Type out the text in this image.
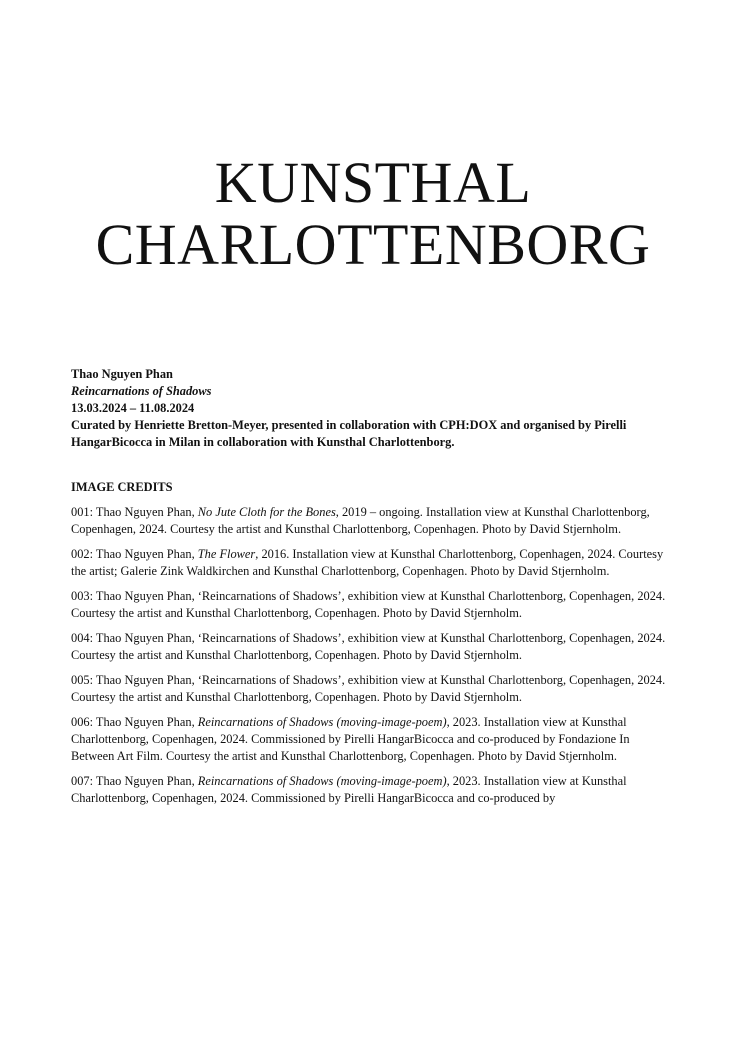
KUNSTHAL
CHARLOTTENBORG
Thao Nguyen Phan
Reincarnations of Shadows
13.03.2024 – 11.08.2024
Curated by Henriette Bretton-Meyer, presented in collaboration with CPH:DOX and organised by Pirelli HangarBicocca in Milan in collaboration with Kunsthal Charlottenborg.
IMAGE CREDITS

001: Thao Nguyen Phan, No Jute Cloth for the Bones, 2019 – ongoing. Installation view at Kunsthal Charlottenborg, Copenhagen, 2024. Courtesy the artist and Kunsthal Charlottenborg, Copenhagen. Photo by David Stjernholm.

002: Thao Nguyen Phan, The Flower, 2016. Installation view at Kunsthal Charlottenborg, Copenhagen, 2024. Courtesy the artist; Galerie Zink Waldkirchen and Kunsthal Charlottenborg, Copenhagen. Photo by David Stjernholm.

003: Thao Nguyen Phan, ‘Reincarnations of Shadows’, exhibition view at Kunsthal Charlottenborg, Copenhagen, 2024. Courtesy the artist and Kunsthal Charlottenborg, Copenhagen. Photo by David Stjernholm.

004: Thao Nguyen Phan, ‘Reincarnations of Shadows’, exhibition view at Kunsthal Charlottenborg, Copenhagen, 2024. Courtesy the artist and Kunsthal Charlottenborg, Copenhagen. Photo by David Stjernholm.

005: Thao Nguyen Phan, ‘Reincarnations of Shadows’, exhibition view at Kunsthal Charlottenborg, Copenhagen, 2024. Courtesy the artist and Kunsthal Charlottenborg, Copenhagen. Photo by David Stjernholm.

006: Thao Nguyen Phan, Reincarnations of Shadows (moving-image-poem), 2023. Installation view at Kunsthal Charlottenborg, Copenhagen, 2024. Commissioned by Pirelli HangarBicocca and co-produced by Fondazione In Between Art Film. Courtesy the artist and Kunsthal Charlottenborg, Copenhagen. Photo by David Stjernholm.

007: Thao Nguyen Phan, Reincarnations of Shadows (moving-image-poem), 2023. Installation view at Kunsthal Charlottenborg, Copenhagen, 2024. Commissioned by Pirelli HangarBicocca and co-produced by
